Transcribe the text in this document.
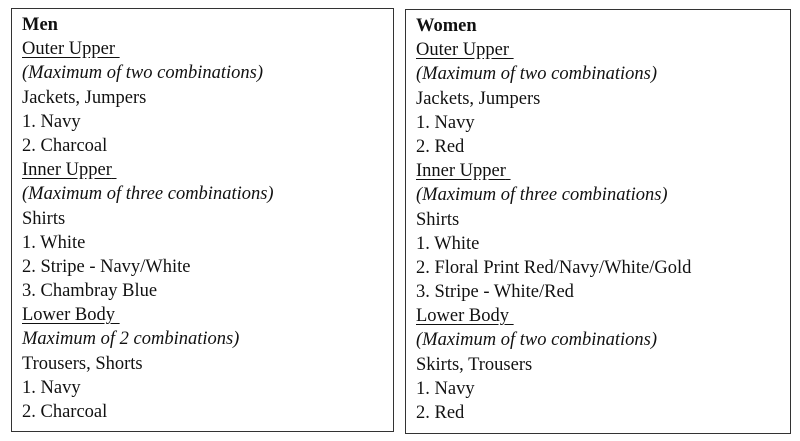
Men
Outer Upper
(Maximum of two combinations)
Jackets, Jumpers
1. Navy
2. Charcoal
Inner Upper
(Maximum of three combinations)
Shirts
1. White
2. Stripe - Navy/White
3. Chambray Blue
Lower Body
Maximum of 2 combinations)
Trousers, Shorts
1. Navy
2. Charcoal
Women
Outer Upper
(Maximum of two combinations)
Jackets, Jumpers
1. Navy
2. Red
Inner Upper
(Maximum of three combinations)
Shirts
1. White
2. Floral Print Red/Navy/White/Gold
3. Stripe - White/Red
Lower Body
(Maximum of two combinations)
Skirts, Trousers
1. Navy
2. Red
